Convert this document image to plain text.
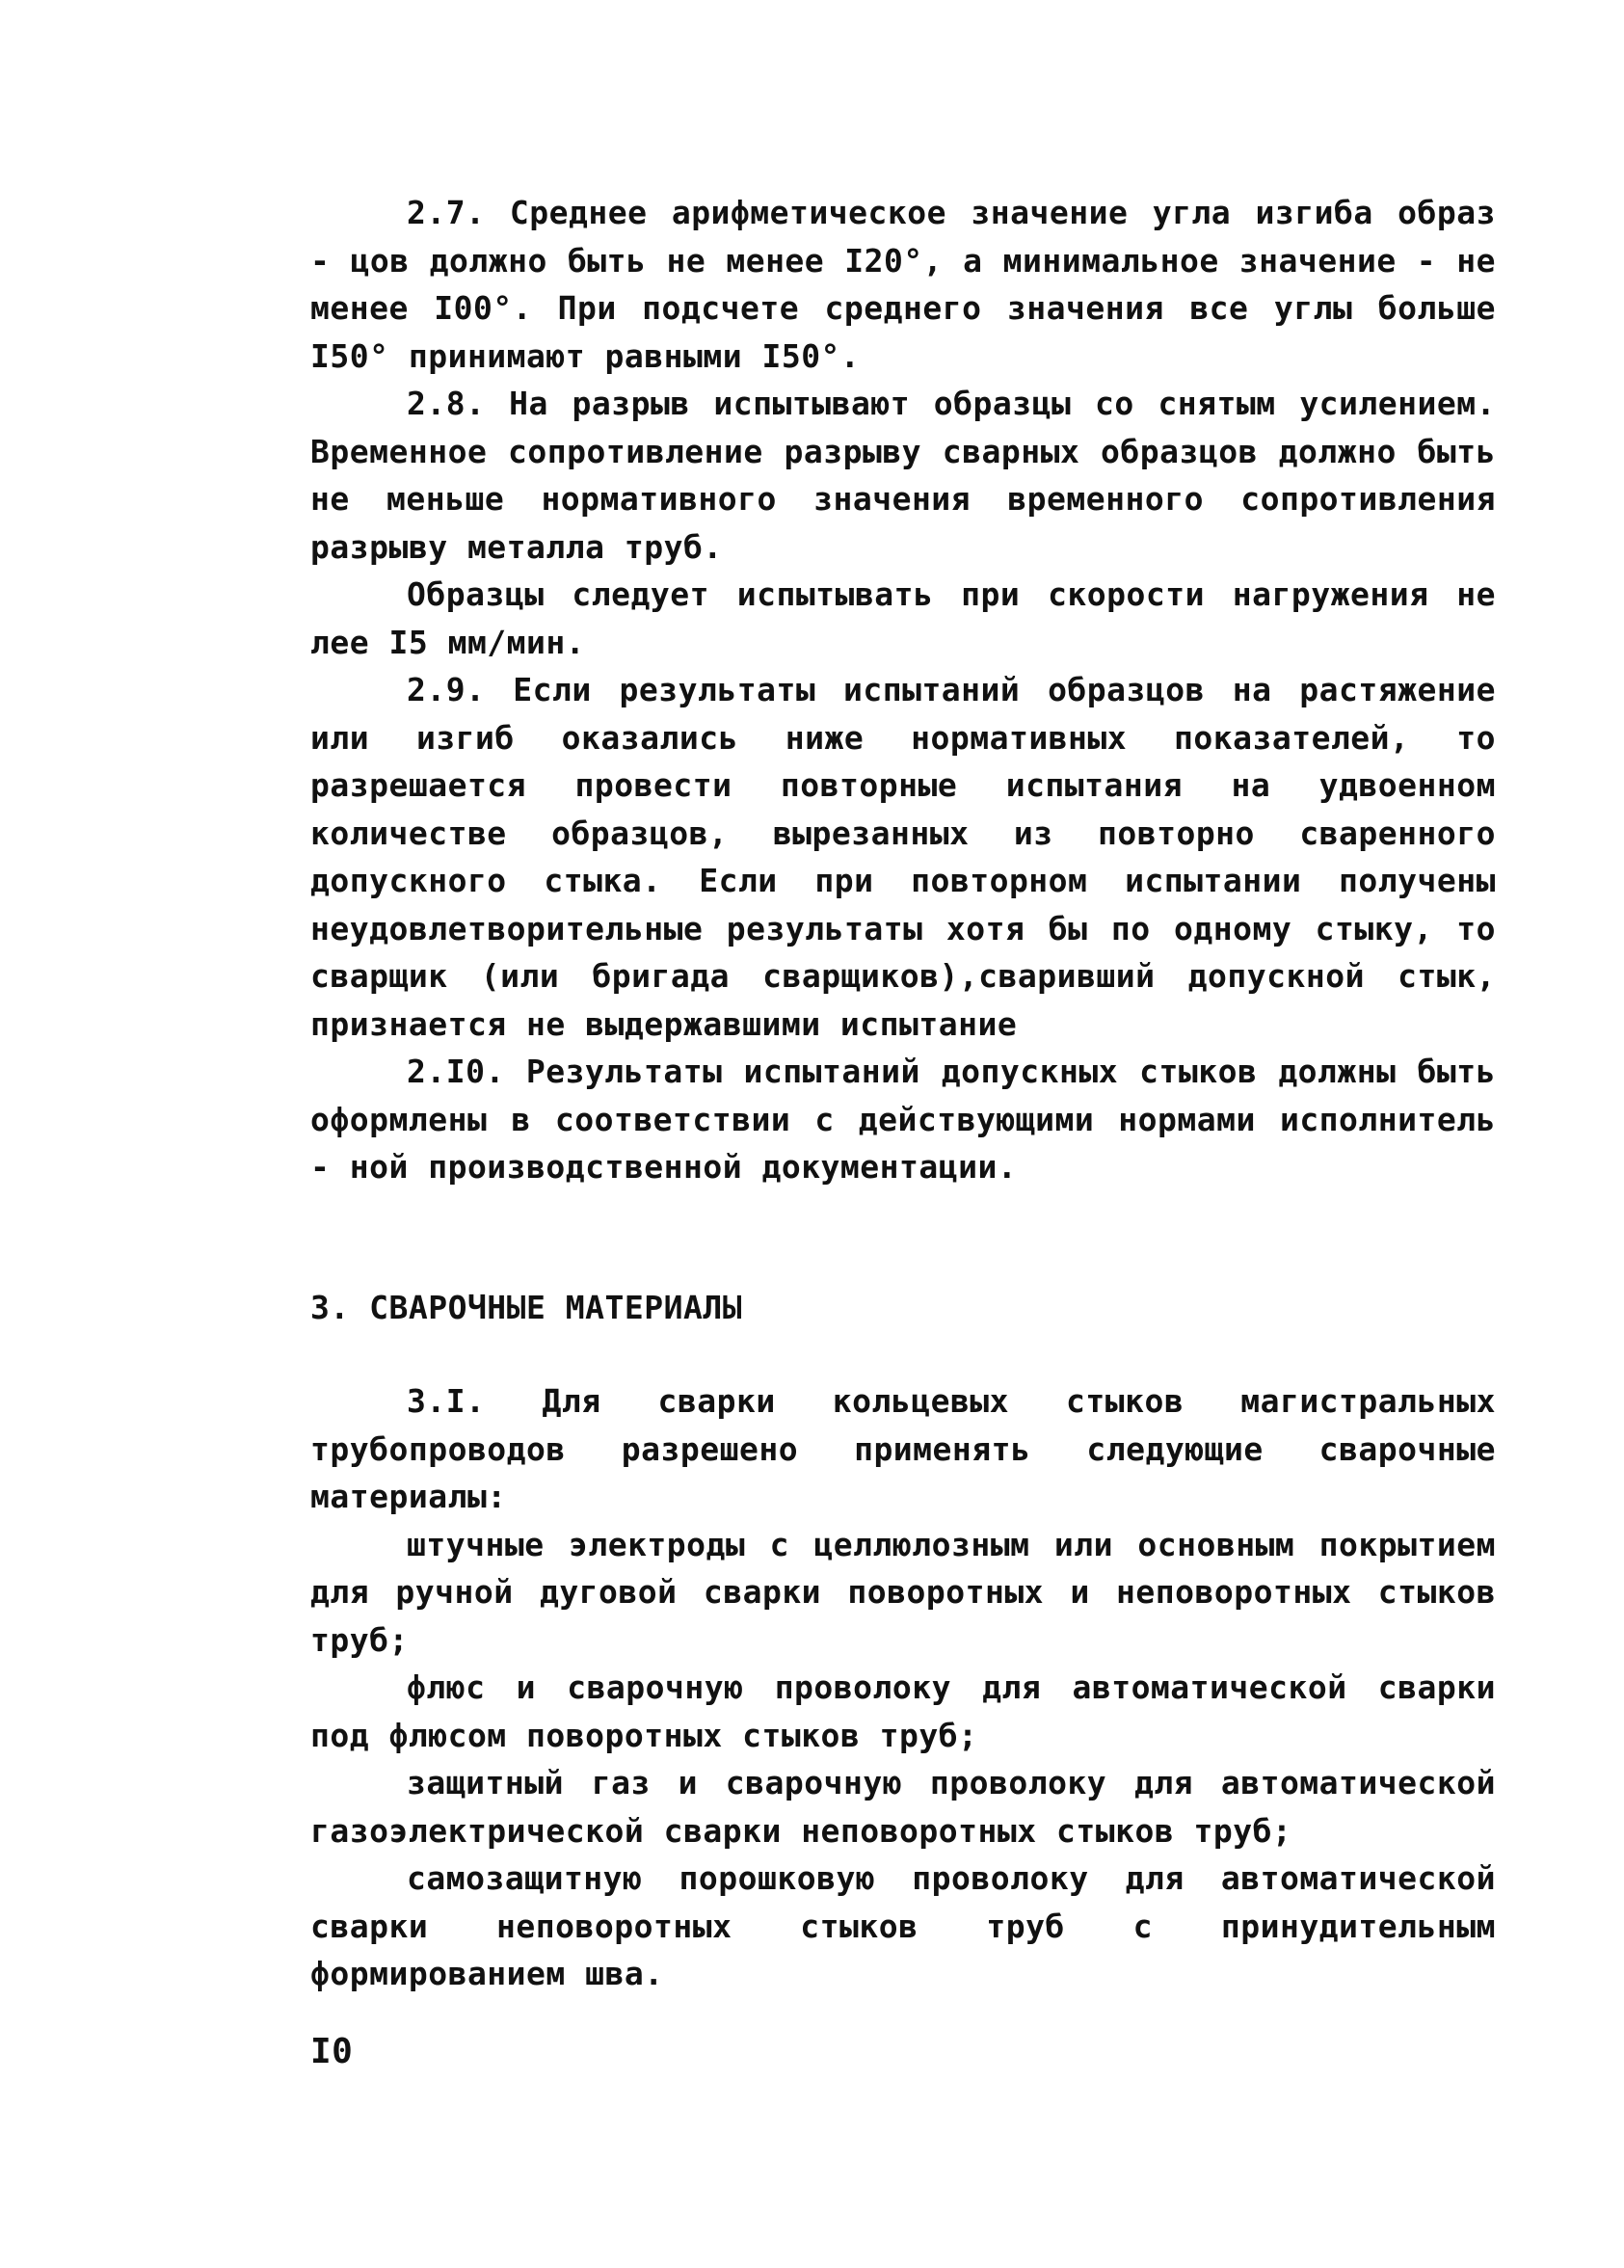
2.7. Среднее арифметическое значение угла изгиба образ - цов должно быть не менее I20°, а минимальное значение - не менее I00°. При подсчете среднего значения все углы больше I50° принимают равными I50°.

2.8. На разрыв испытывают образцы со снятым усилением. Временное сопротивление разрыву сварных образцов должно быть не меньше нормативного значения временного сопротивления разрыву металла труб.

Образцы следует испытывать при скорости нагружения не лее I5 мм/мин.

2.9. Если результаты испытаний образцов на растяжение или изгиб оказались ниже нормативных показателей, то разрешается провести повторные испытания на удвоенном количестве образцов, вырезанных из повторно сваренного допускного стыка. Если при повторном испытании получены неудовлетворительные результаты хотя бы по одному стыку, то сварщик (или бригада сварщиков),сваривший допускной стык, признается не выдержавшими испытание

2.I0. Результаты испытаний допускных стыков должны быть оформлены в соответствии с действующими нормами исполнитель - ной производственной документации.

3. СВАРОЧНЫЕ МАТЕРИАЛЫ

3.I. Для сварки кольцевых стыков магистральных трубопроводов разрешено применять следующие сварочные материалы:

штучные электроды с целлюлозным или основным покрытием для ручной дуговой сварки поворотных и неповоротных стыков труб;

флюс и сварочную проволоку для автоматической сварки под флюсом поворотных стыков труб;

защитный газ и сварочную проволоку для автоматической газоэлектрической сварки неповоротных стыков труб;

самозащитную порошковую проволоку для автоматической сварки неповоротных стыков труб с принудительным формированием шва.

I0
